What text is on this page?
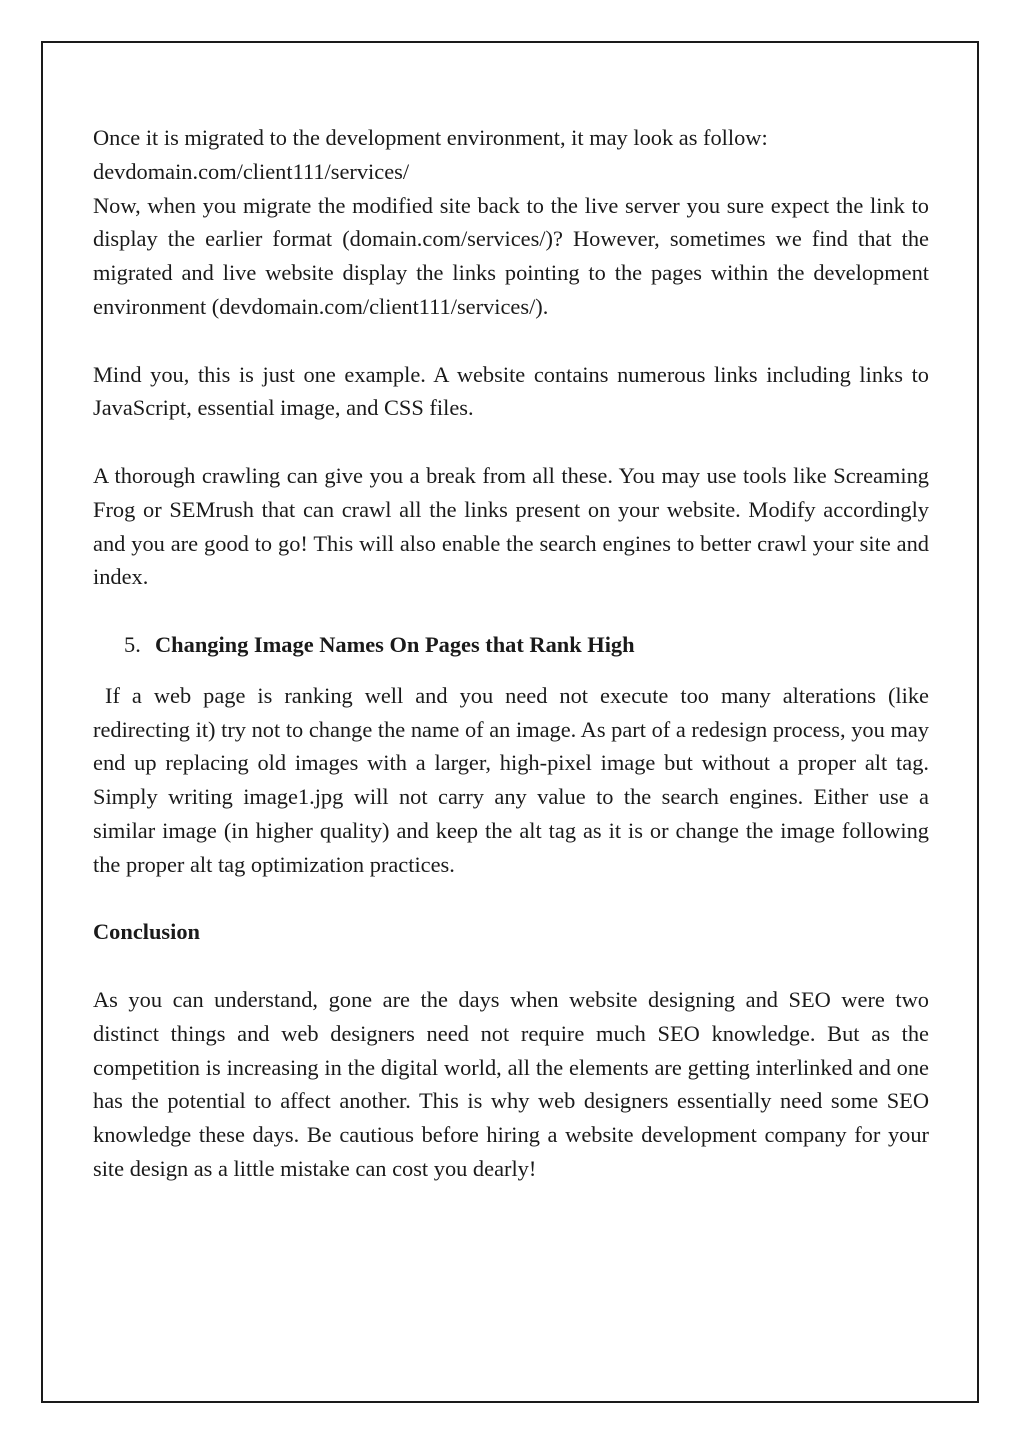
Once it is migrated to the development environment, it may look as follow:

devdomain.com/client111/services/

Now, when you migrate the modified site back to the live server you sure expect the link to display the earlier format (domain.com/services/)? However, sometimes we find that the migrated and live website display the links pointing to the pages within the development environment (devdomain.com/client111/services/).

Mind you, this is just one example. A website contains numerous links including links to JavaScript, essential image, and CSS files.

A thorough crawling can give you a break from all these. You may use tools like Screaming Frog or SEMrush that can crawl all the links present on your website. Modify accordingly and you are good to go! This will also enable the search engines to better crawl your site and index.

5. Changing Image Names On Pages that Rank High

If a web page is ranking well and you need not execute too many alterations (like redirecting it) try not to change the name of an image. As part of a redesign process, you may end up replacing old images with a larger, high-pixel image but without a proper alt tag. Simply writing image1.jpg will not carry any value to the search engines. Either use a similar image (in higher quality) and keep the alt tag as it is or change the image following the proper alt tag optimization practices.

Conclusion

As you can understand, gone are the days when website designing and SEO were two distinct things and web designers need not require much SEO knowledge. But as the competition is increasing in the digital world, all the elements are getting interlinked and one has the potential to affect another. This is why web designers essentially need some SEO knowledge these days. Be cautious before hiring a website development company for your site design as a little mistake can cost you dearly!
